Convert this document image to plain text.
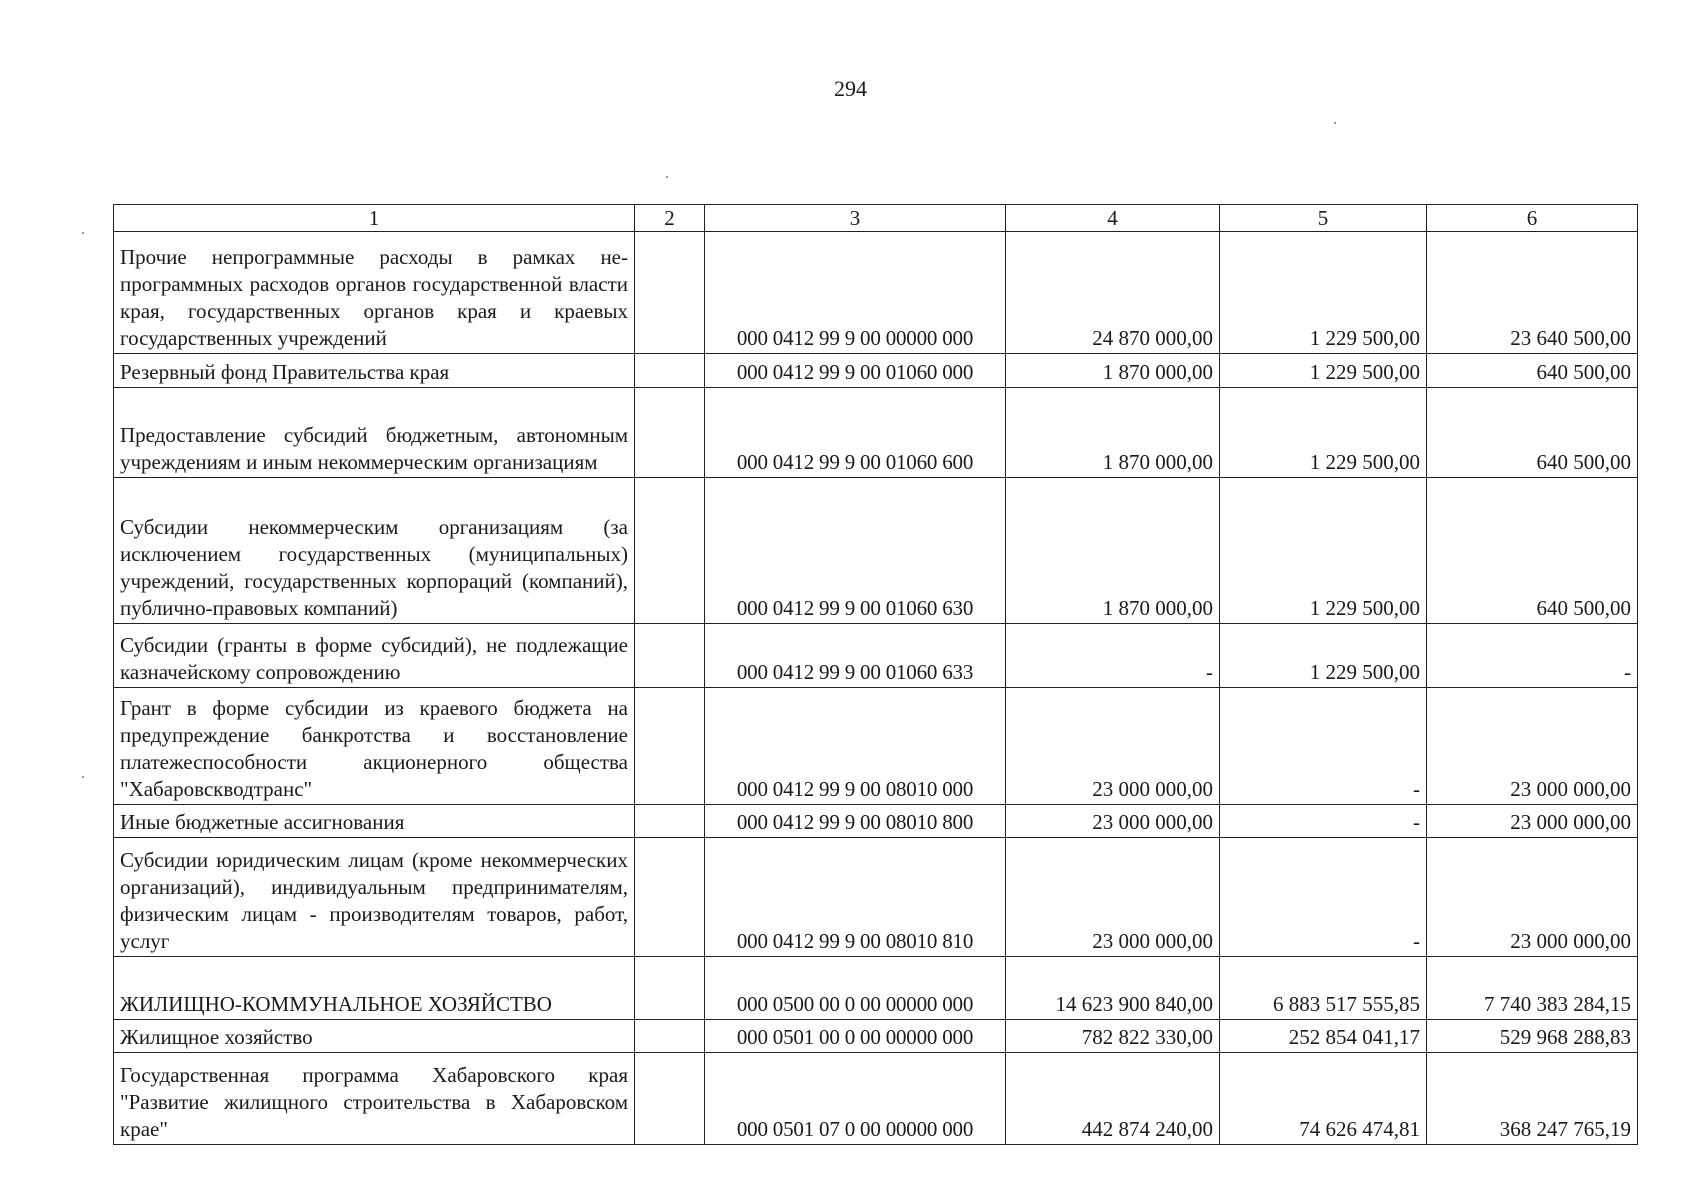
294
1	2	3	4	5	6
Прочие непрограммные расходы в рамках непрограммных расходов органов государственной власти края, государственных органов края и краевых государственных учреждений		000 0412 99 9 00 00000 000	24 870 000,00	1 229 500,00	23 640 500,00
Резервный фонд Правительства края		000 0412 99 9 00 01060 000	1 870 000,00	1 229 500,00	640 500,00
Предоставление субсидий бюджетным, автономным учреждениям и иным некоммерческим организациям		000 0412 99 9 00 01060 600	1 870 000,00	1 229 500,00	640 500,00
Субсидии некоммерческим организациям (за исключением государственных (муниципальных) учреждений, государственных корпораций (компаний), публично-правовых компаний)		000 0412 99 9 00 01060 630	1 870 000,00	1 229 500,00	640 500,00
Субсидии (гранты в форме субсидий), не подлежащие казначейскому сопровождению		000 0412 99 9 00 01060 633	-	1 229 500,00	-
Грант в форме субсидии из краевого бюджета на предупреждение банкротства и восстановление платежеспособности акционерного общества "Хабаровскводтранс"		000 0412 99 9 00 08010 000	23 000 000,00	-	23 000 000,00
Иные бюджетные ассигнования		000 0412 99 9 00 08010 800	23 000 000,00	-	23 000 000,00
Субсидии юридическим лицам (кроме некоммерческих организаций), индивидуальным предпринимателям, физическим лицам - производителям товаров, работ, услуг		000 0412 99 9 00 08010 810	23 000 000,00	-	23 000 000,00
ЖИЛИЩНО-КОММУНАЛЬНОЕ ХОЗЯЙСТВО		000 0500 00 0 00 00000 000	14 623 900 840,00	6 883 517 555,85	7 740 383 284,15
Жилищное хозяйство		000 0501 00 0 00 00000 000	782 822 330,00	252 854 041,17	529 968 288,83
Государственная программа Хабаровского края "Развитие жилищного строительства в Хабаровском крае"		000 0501 07 0 00 00000 000	442 874 240,00	74 626 474,81	368 247 765,19
